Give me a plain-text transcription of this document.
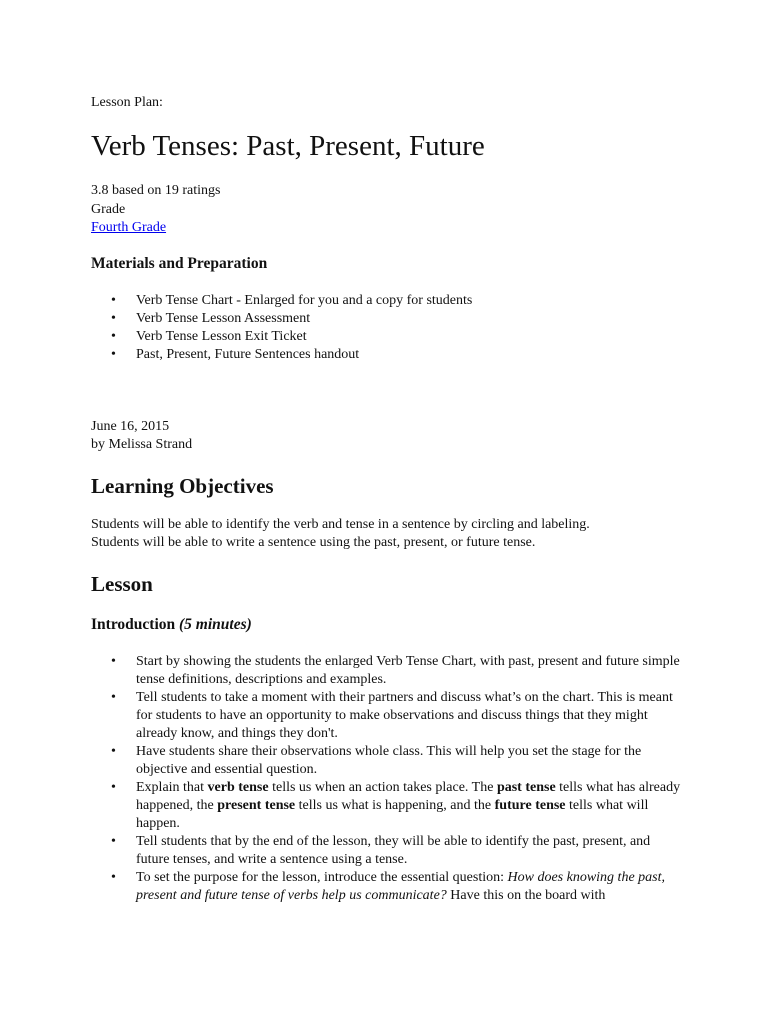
Lesson Plan:
Verb Tenses: Past, Present, Future
3.8 based on 19 ratings
Grade
Fourth Grade
Materials and Preparation
• Verb Tense Chart - Enlarged for you and a copy for students
• Verb Tense Lesson Assessment
• Verb Tense Lesson Exit Ticket
• Past, Present, Future Sentences handout
June 16, 2015
by Melissa Strand
Learning Objectives
Students will be able to identify the verb and tense in a sentence by circling and labeling.
Students will be able to write a sentence using the past, present, or future tense.
Lesson
Introduction (5 minutes)
• Start by showing the students the enlarged Verb Tense Chart, with past, present and future simple tense definitions, descriptions and examples.
• Tell students to take a moment with their partners and discuss what’s on the chart. This is meant for students to have an opportunity to make observations and discuss things that they might already know, and things they don't.
• Have students share their observations whole class. This will help you set the stage for the objective and essential question.
• Explain that verb tense tells us when an action takes place. The past tense tells what has already happened, the present tense tells us what is happening, and the future tense tells what will happen.
• Tell students that by the end of the lesson, they will be able to identify the past, present, and future tenses, and write a sentence using a tense.
• To set the purpose for the lesson, introduce the essential question: How does knowing the past, present and future tense of verbs help us communicate? Have this on the board with
